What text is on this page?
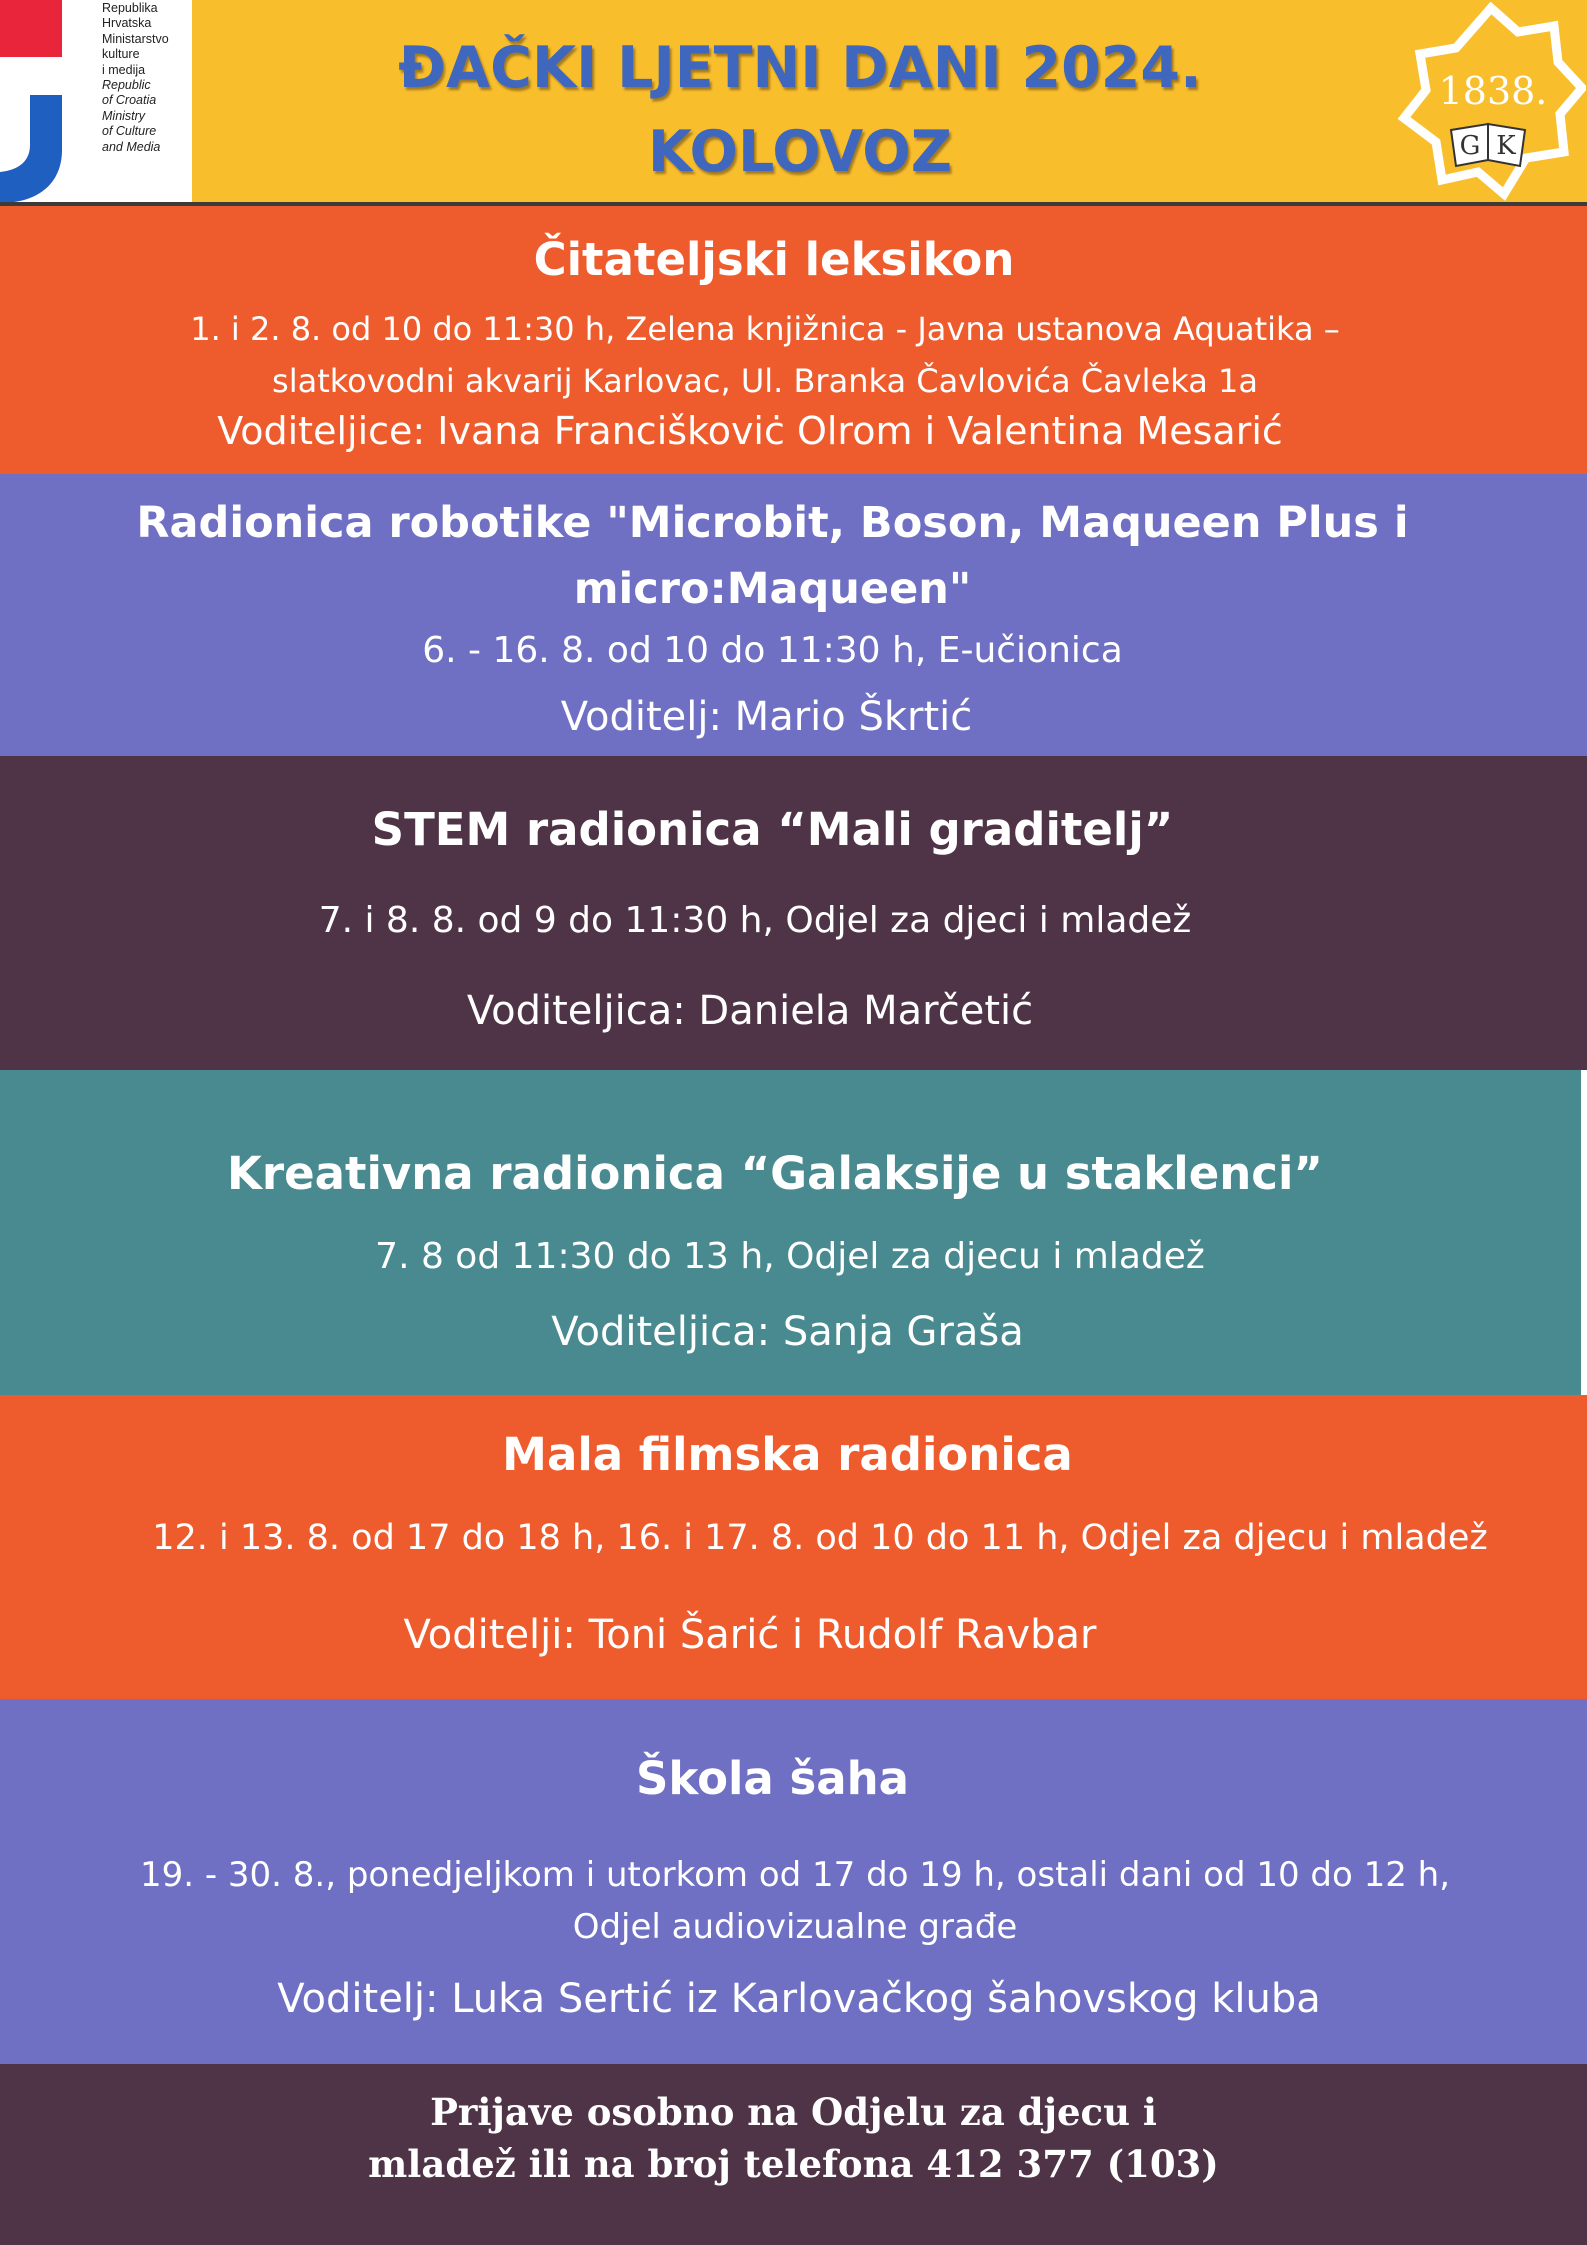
Republika
Hrvatska
Ministarstvo
kulture
i medija
Republic
of Croatia
Ministry
of Culture
and Media
ĐAČKI LJETNI DANI 2024.
KOLOVOZ
1838.
G K
Čitateljski leksikon
1. i 2. 8. od 10 do 11:30 h, Zelena knjižnica - Javna ustanova Aquatika –
slatkovodni akvarij Karlovac, Ul. Branka Čavlovića Čavleka 1a
Voditeljice: Ivana Franciškoviċ Olrom i Valentina Mesarić
Radionica robotike "Microbit, Boson, Maqueen Plus i
micro:Maqueen"
6. - 16. 8. od 10 do 11:30 h, E-učionica
Voditelj: Mario Škrtić
STEM radionica “Mali graditelj”
7. i 8. 8. od 9 do 11:30 h, Odjel za djeci i mladež
Voditeljica: Daniela Marčetić
Kreativna radionica “Galaksije u staklenci”
7. 8 od 11:30 do 13 h, Odjel za djecu i mladež
Voditeljica: Sanja Graša
Mala filmska radionica
12. i 13. 8. od 17 do 18 h, 16. i 17. 8. od 10 do 11 h, Odjel za djecu i mladež
Voditelji: Toni Šarić i Rudolf Ravbar
Škola šaha
19. - 30. 8., ponedjeljkom i utorkom od 17 do 19 h, ostali dani od 10 do 12 h,
Odjel audiovizualne građe
Voditelj: Luka Sertić iz Karlovačkog šahovskog kluba
Prijave osobno na Odjelu za djecu i
mladež ili na broj telefona 412 377 (103)
